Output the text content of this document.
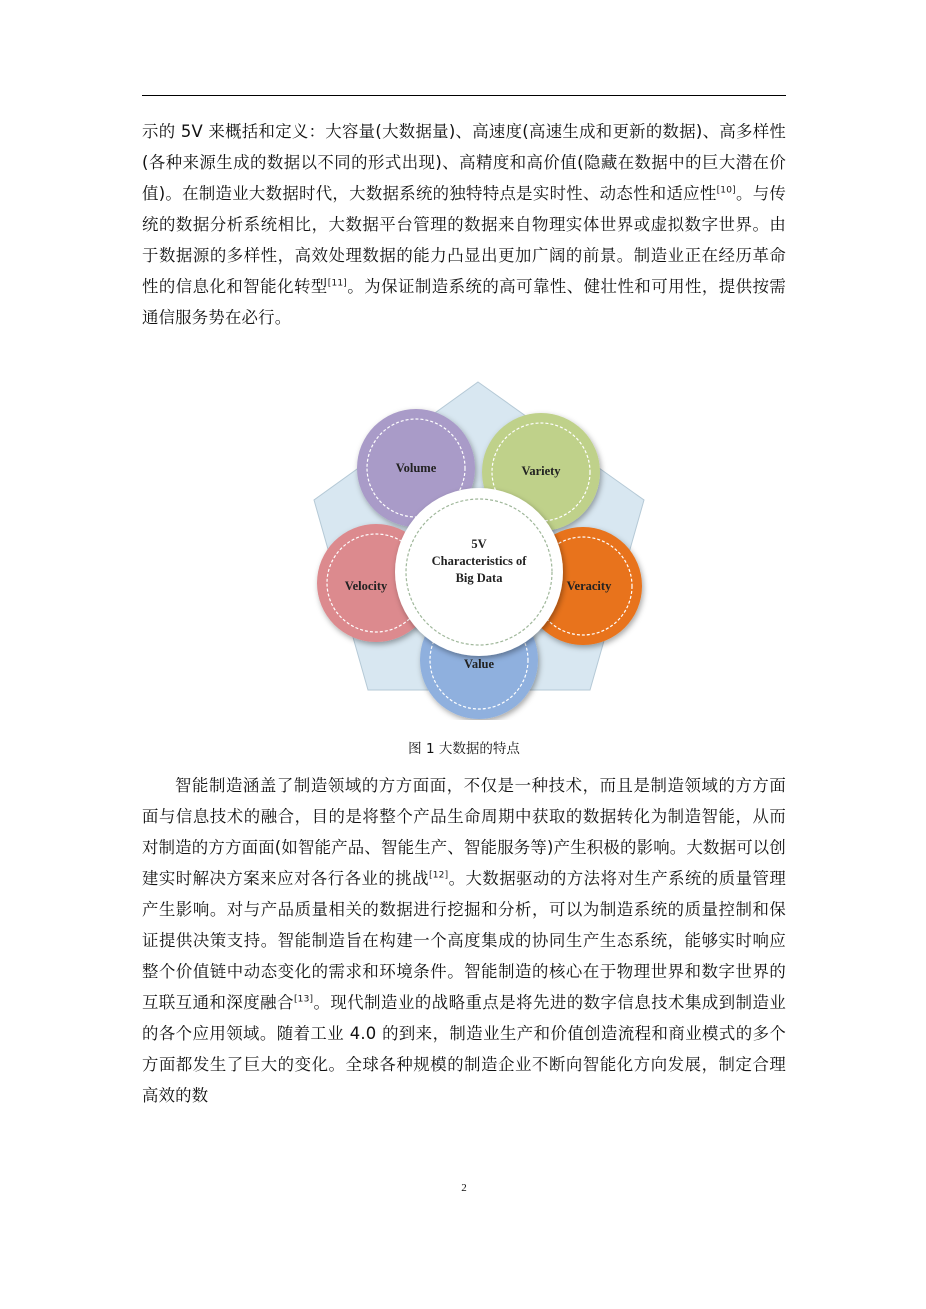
示的 5V 来概括和定义：大容量(大数据量)、高速度(高速生成和更新的数据)、高多样性(各种来源生成的数据以不同的形式出现)、高精度和高价值(隐藏在数据中的巨大潜在价值)。在制造业大数据时代，大数据系统的独特特点是实时性、动态性和适应性[10]。与传统的数据分析系统相比，大数据平台管理的数据来自物理实体世界或虚拟数字世界。由于数据源的多样性，高效处理数据的能力凸显出更加广阔的前景。制造业正在经历革命性的信息化和智能化转型[11]。为保证制造系统的高可靠性、健壮性和可用性，提供按需通信服务势在必行。

Volume	Variety
Velocity	Veracity
Value
5V
Characteristics of
Big Data
图 1 大数据的特点

智能制造涵盖了制造领域的方方面面，不仅是一种技术，而且是制造领域的方方面面与信息技术的融合，目的是将整个产品生命周期中获取的数据转化为制造智能，从而对制造的方方面面(如智能产品、智能生产、智能服务等)产生积极的影响。大数据可以创建实时解决方案来应对各行各业的挑战[12]。大数据驱动的方法将对生产系统的质量管理产生影响。对与产品质量相关的数据进行挖掘和分析，可以为制造系统的质量控制和保证提供决策支持。智能制造旨在构建一个高度集成的协同生产生态系统，能够实时响应整个价值链中动态变化的需求和环境条件。智能制造的核心在于物理世界和数字世界的互联互通和深度融合[13]。现代制造业的战略重点是将先进的数字信息技术集成到制造业的各个应用领域。随着工业 4.0 的到来，制造业生产和价值创造流程和商业模式的多个方面都发生了巨大的变化。全球各种规模的制造企业不断向智能化方向发展，制定合理高效的数

2
